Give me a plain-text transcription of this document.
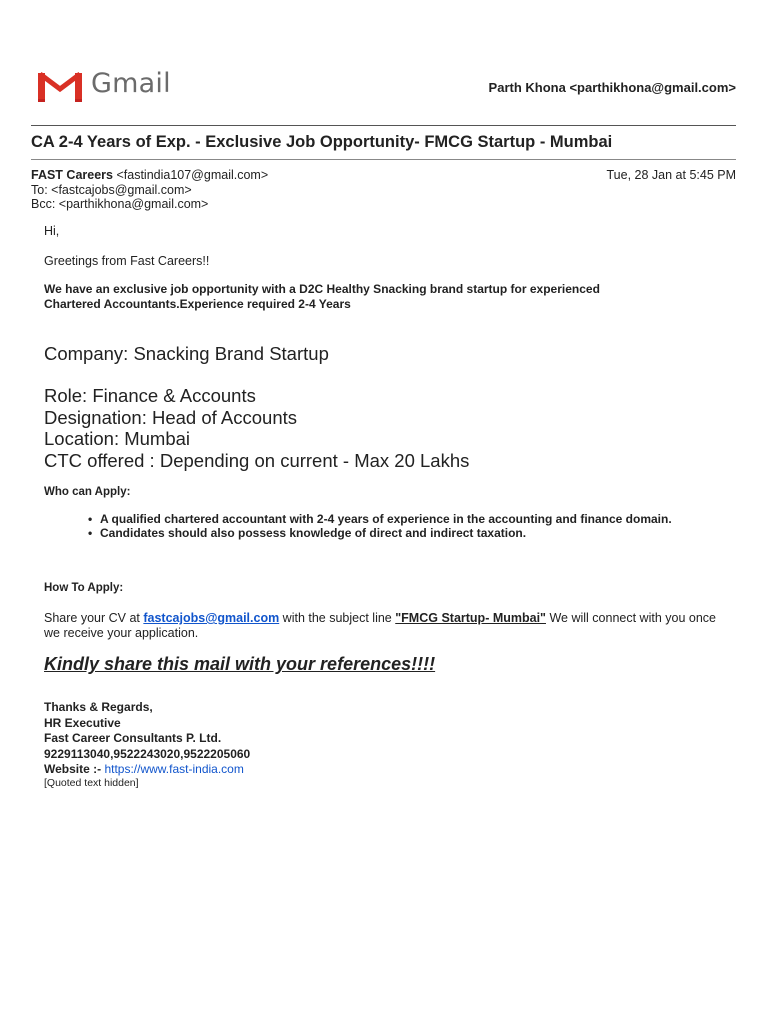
Gmail	Parth Khona <parthikhona@gmail.com>
CA 2-4 Years of Exp. - Exclusive Job Opportunity- FMCG Startup - Mumbai
FAST Careers <fastindia107@gmail.com>	Tue, 28 Jan at 5:45 PM
To: <fastcajobs@gmail.com>
Bcc: <parthikhona@gmail.com>
Hi,
Greetings from Fast Careers!!
We have an exclusive job opportunity with a D2C Healthy Snacking brand startup for experienced
Chartered Accountants.Experience required 2-4 Years
Company: Snacking Brand Startup
Role: Finance & Accounts
Designation: Head of Accounts
Location: Mumbai
CTC offered : Depending on current - Max 20 Lakhs
Who can Apply:
• A qualified chartered accountant with 2-4 years of experience in the accounting and finance domain.
• Candidates should also possess knowledge of direct and indirect taxation.
How To Apply:
Share your CV at fastcajobs@gmail.com with the subject line "FMCG Startup- Mumbai" We will connect with you once we receive your application.
Kindly share this mail with your references!!!!
Thanks & Regards,
HR Executive
Fast Career Consultants P. Ltd.
9229113040,9522243020,9522205060
Website :- https://www.fast-india.com
[Quoted text hidden]
